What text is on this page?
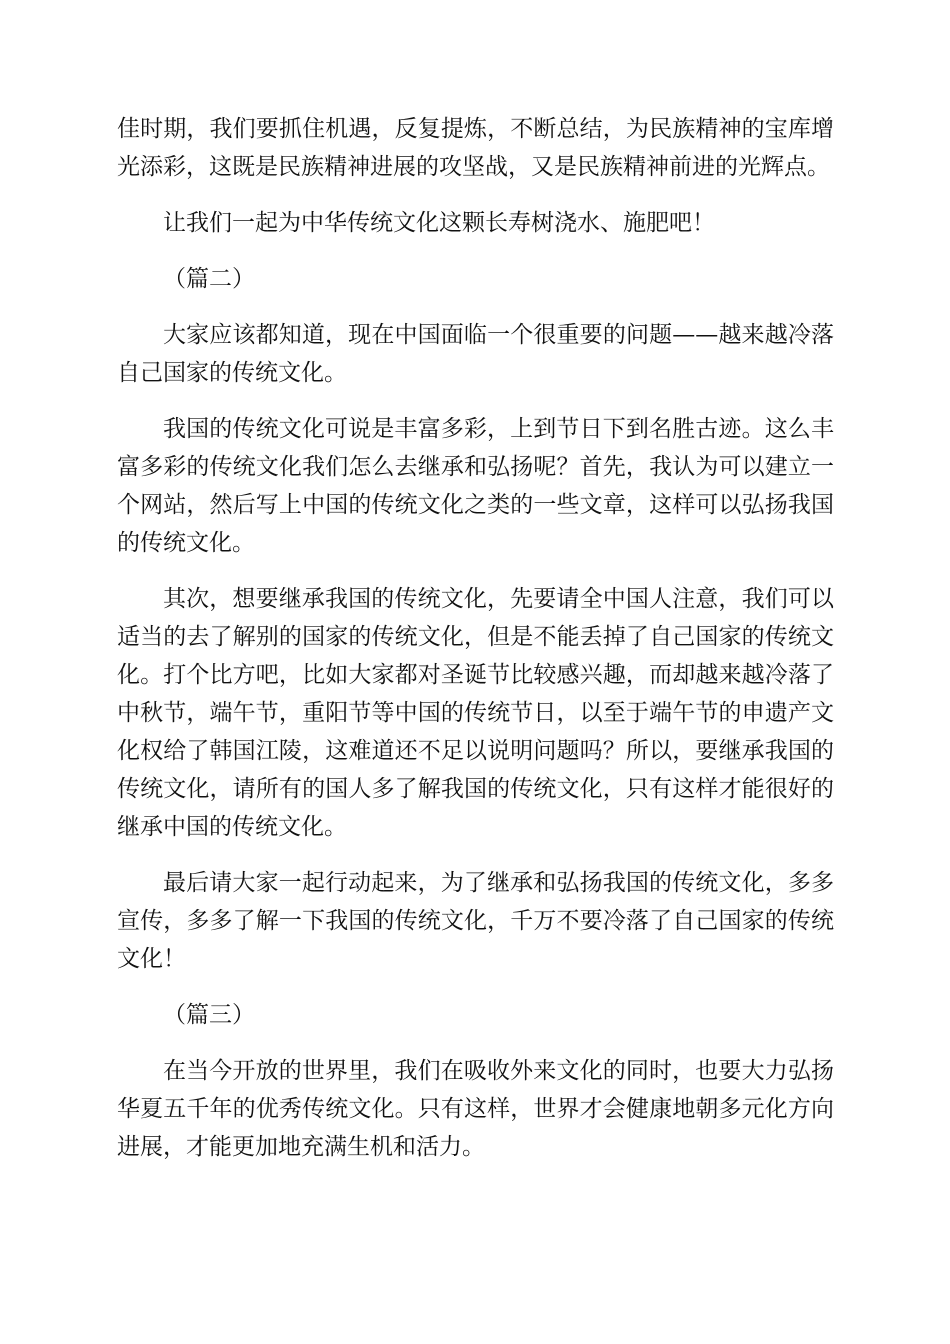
佳时期，我们要抓住机遇，反复提炼，不断总结，为民族精神的宝库增光添彩，这既是民族精神进展的攻坚战，又是民族精神前进的光辉点。

让我们一起为中华传统文化这颗长寿树浇水、施肥吧！

（篇二）

大家应该都知道，现在中国面临一个很重要的问题——越来越冷落自己国家的传统文化。

我国的传统文化可说是丰富多彩，上到节日下到名胜古迹。这么丰富多彩的传统文化我们怎么去继承和弘扬呢？首先，我认为可以建立一个网站，然后写上中国的传统文化之类的一些文章，这样可以弘扬我国的传统文化。

其次，想要继承我国的传统文化，先要请全中国人注意，我们可以适当的去了解别的国家的传统文化，但是不能丢掉了自己国家的传统文化。打个比方吧，比如大家都对圣诞节比较感兴趣，而却越来越冷落了中秋节，端午节，重阳节等中国的传统节日，以至于端午节的申遗产文化权给了韩国江陵，这难道还不足以说明问题吗？所以，要继承我国的传统文化，请所有的国人多了解我国的传统文化，只有这样才能很好的继承中国的传统文化。

最后请大家一起行动起来，为了继承和弘扬我国的传统文化，多多宣传，多多了解一下我国的传统文化，千万不要冷落了自己国家的传统文化！

（篇三）

在当今开放的世界里，我们在吸收外来文化的同时，也要大力弘扬华夏五千年的优秀传统文化。只有这样，世界才会健康地朝多元化方向进展，才能更加地充满生机和活力。
